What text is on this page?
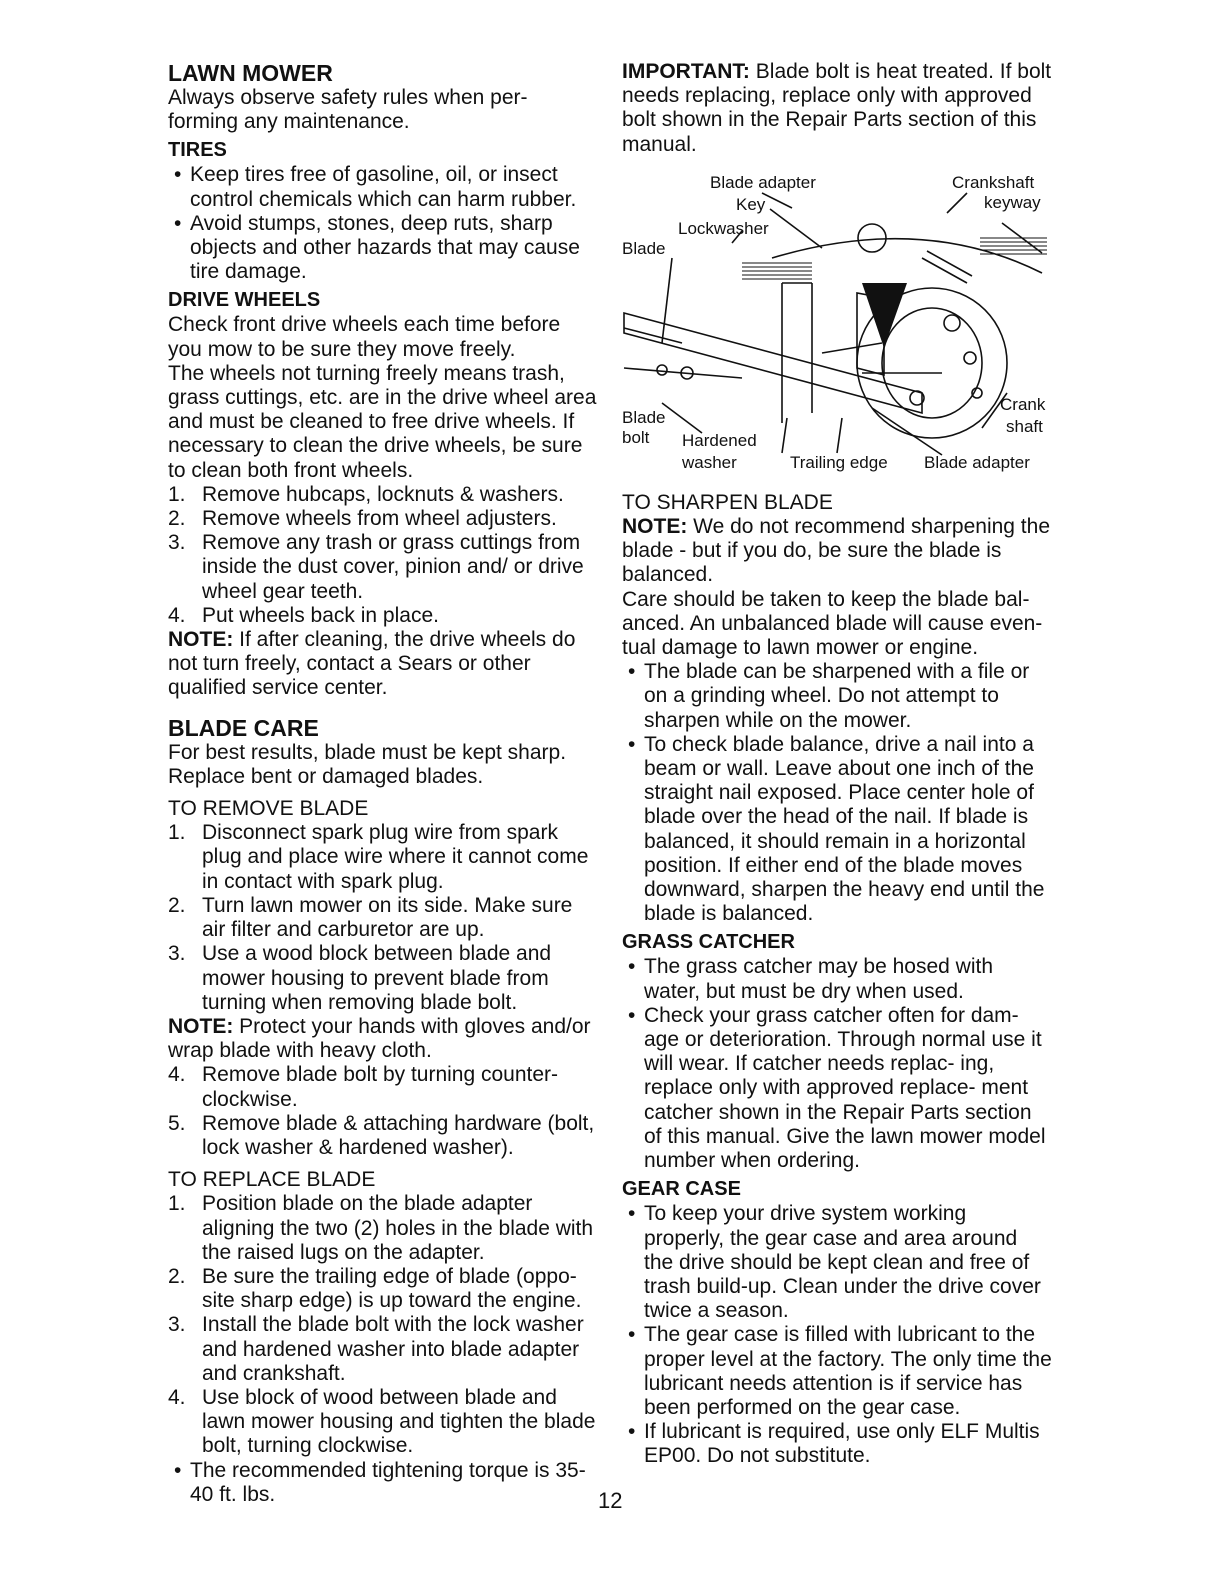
LAWN MOWER

Always observe safety rules when per- forming any maintenance.

TIRES
• Keep tires free of gasoline, oil, or insect control chemicals which can harm rubber.
• Avoid stumps, stones, deep ruts, sharp objects and other hazards that may cause tire damage.
DRIVE WHEELS

Check front drive wheels each time before you mow to be sure they move freely.

The wheels not turning freely means trash, grass cuttings, etc. are in the drive wheel area and must be cleaned to free drive wheels. If necessary to clean the drive wheels, be sure to clean both front wheels.

1. Remove hubcaps, locknuts & washers.
2. Remove wheels from wheel adjusters.
3. Remove any trash or grass cuttings from inside the dust cover, pinion and/ or drive wheel gear teeth.
4. Put wheels back in place.

NOTE: If after cleaning, the drive wheels do not turn freely, contact a Sears or other qualified service center.

BLADE CARE

For best results, blade must be kept sharp. Replace bent or damaged blades.

TO REMOVE BLADE

1. Disconnect spark plug wire from spark plug and place wire where it cannot come in contact with spark plug.
2. Turn lawn mower on its side. Make sure air filter and carburetor are up.
3. Use a wood block between blade and mower housing to prevent blade from turning when removing blade bolt.

NOTE: Protect your hands with gloves and/or wrap blade with heavy cloth.

4. Remove blade bolt by turning counter- clockwise.
5. Remove blade & attaching hardware (bolt, lock washer & hardened washer).

TO REPLACE BLADE

1. Position blade on the blade adapter aligning the two (2) holes in the blade with the raised lugs on the adapter.
2. Be sure the trailing edge of blade (oppo- site sharp edge) is up toward the engine.
3. Install the blade bolt with the lock washer and hardened washer into blade adapter and crankshaft.
4. Use block of wood between blade and lawn mower housing and tighten the blade bolt, turning clockwise.
• The recommended tightening torque is 35-40 ft. lbs.

IMPORTANT: Blade bolt is heat treated. If bolt needs replacing, replace only with approved bolt shown in the Repair Parts section of this manual.

Blade adapter
Key
Lockwasher
Blade
Crankshaft
keyway
Blade
bolt Hardened
washer	Trailing edge Blade adapter
Crank
shaft

TO SHARPEN BLADE

NOTE: We do not recommend sharpening the blade - but if you do, be sure the blade is balanced.

Care should be taken to keep the blade bal- anced. An unbalanced blade will cause even- tual damage to lawn mower or engine.

• The blade can be sharpened with a file or on a grinding wheel. Do not attempt to sharpen while on the mower.
• To check blade balance, drive a nail into a beam or wall. Leave about one inch of the straight nail exposed. Place center hole of blade over the head of the nail. If blade is balanced, it should remain in a horizontal position. If either end of the blade moves downward, sharpen the heavy end until the blade is balanced.
GRASS CATCHER
• The grass catcher may be hosed with water, but must be dry when used.
• Check your grass catcher often for dam- age or deterioration. Through normal use it will wear. If catcher needs replac- ing, replace only with approved replace- ment catcher shown in the Repair Parts section of this manual. Give the lawn mower model number when ordering.
GEAR CASE
• To keep your drive system working properly, the gear case and area around the drive should be kept clean and free of trash build-up. Clean under the drive cover twice a season.
• The gear case is filled with lubricant to the proper level at the factory. The only time the lubricant needs attention is if service has been performed on the gear case.
• If lubricant is required, use only ELF Multis EP00. Do not substitute.
12
